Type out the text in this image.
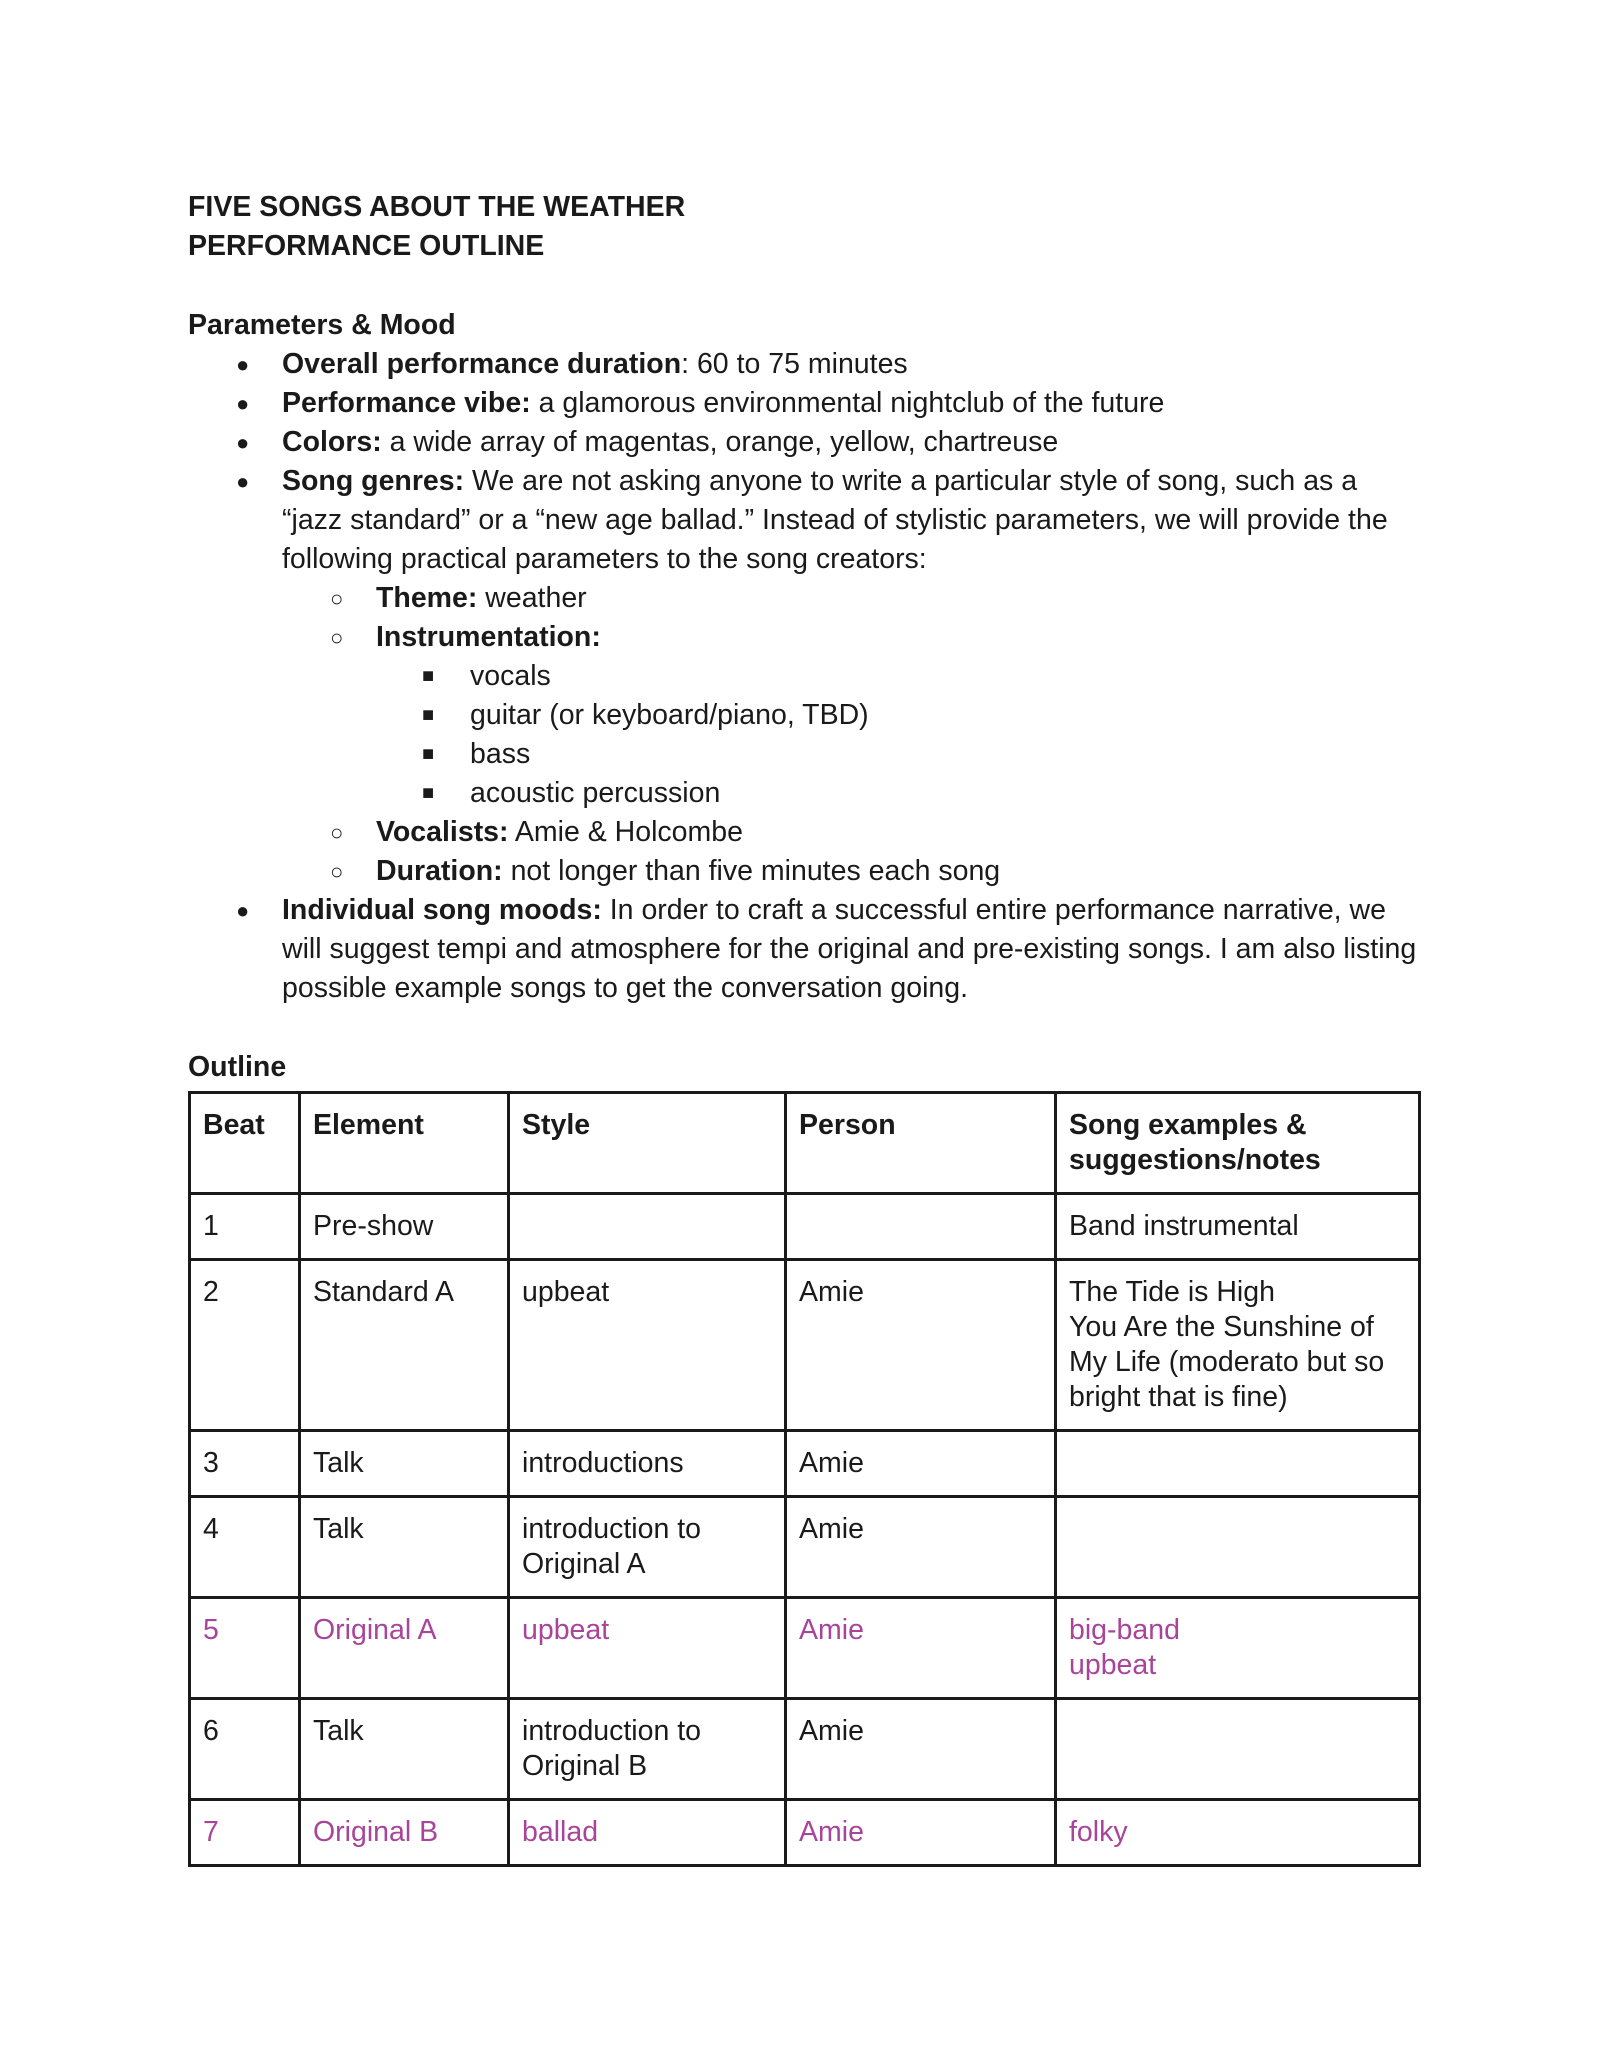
FIVE SONGS ABOUT THE WEATHER

PERFORMANCE OUTLINE

Parameters & Mood

● Overall performance duration: 60 to 75 minutes
● Performance vibe: a glamorous environmental nightclub of the future
● Colors: a wide array of magentas, orange, yellow, chartreuse
● Song genres: We are not asking anyone to write a particular style of song, such as a “jazz standard” or a “new age ballad.” Instead of stylistic parameters, we will provide the following practical parameters to the song creators:
○ Theme: weather
○ Instrumentation:
■ vocals
■ guitar (or keyboard/piano, TBD)
■ bass
■ acoustic percussion
○ Vocalists: Amie & Holcombe
○ Duration: not longer than five minutes each song
● Individual song moods: In order to craft a successful entire performance narrative, we will suggest tempi and atmosphere for the original and pre-existing songs. I am also listing possible example songs to get the conversation going.

Outline

Beat	Element	Style	Person	Song examples & suggestions/notes
1	Pre-show			Band instrumental

2	Standard A	upbeat	Amie	The Tide is High
You Are the Sunshine of My Life (moderato but so bright that is fine)

3	Talk	introductions	Amie	
4	Talk	introduction to Original A	Amie	
5	Original A	upbeat	Amie	big-band
upbeat

6	Talk	introduction to Original B	Amie	
7	Original B	ballad	Amie	folky
